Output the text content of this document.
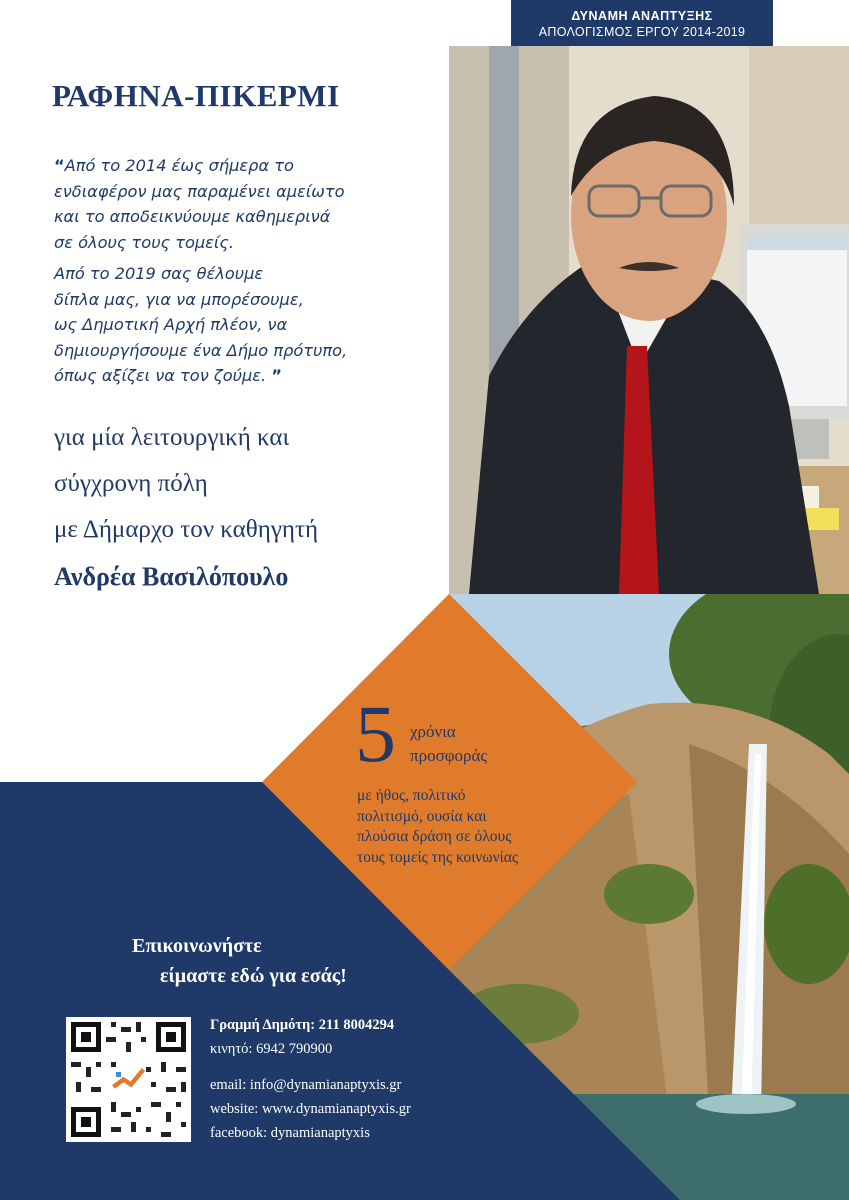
ΔΥΝΑΜΗ ΑΝΑΠΤΥΞΗΣ
ΑΠΟΛΟΓΙΣΜΟΣ ΕΡΓΟΥ 2014-2019
ΡΑΦΗΝΑ-ΠΙΚΕΡΜΙ

“Από το 2014 έως σήμερα το
ενδιαφέρον μας παραμένει αμείωτο
και το αποδεικνύουμε καθημερινά
σε όλους τους τομείς.

Από το 2019 σας θέλουμε
δίπλα μας, για να μπορέσουμε,
ως Δημοτική Αρχή πλέον, να
δημιουργήσουμε ένα Δήμο πρότυπο,
όπως αξίζει να τον ζούμε. ”

για μία λειτουργική και

σύγχρονη πόλη

με Δήμαρχο τον καθηγητή

Ανδρέα Βασιλόπουλο

5 χρόνια
προσφοράς

με ήθος, πολιτικό
πολιτισμό, ουσία και
πλούσια δράση σε όλους
τους τομείς της κοινωνίας

Επικοινωνήστε
είμαστε εδώ για εσάς!

Γραμμή Δημότη: 211 8004294

κινητό: 6942 790900

email: info@dynamianaptyxis.gr

website: www.dynamianaptyxis.gr

facebook: dynamianaptyxis
